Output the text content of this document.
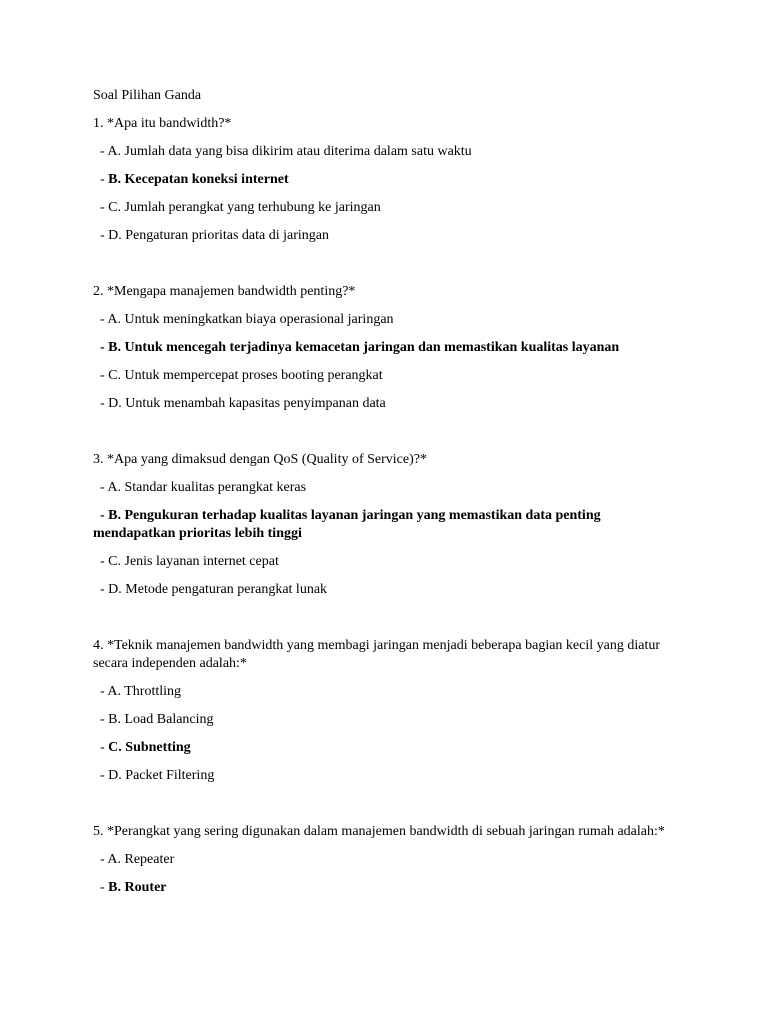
Soal Pilihan Ganda

1. *Apa itu bandwidth?*

- A. Jumlah data yang bisa dikirim atau diterima dalam satu waktu

- B. Kecepatan koneksi internet

- C. Jumlah perangkat yang terhubung ke jaringan

- D. Pengaturan prioritas data di jaringan

2. *Mengapa manajemen bandwidth penting?*

- A. Untuk meningkatkan biaya operasional jaringan

- B. Untuk mencegah terjadinya kemacetan jaringan dan memastikan kualitas layanan

- C. Untuk mempercepat proses booting perangkat

- D. Untuk menambah kapasitas penyimpanan data

3. *Apa yang dimaksud dengan QoS (Quality of Service)?*

- A. Standar kualitas perangkat keras

- B. Pengukuran terhadap kualitas layanan jaringan yang memastikan data penting mendapatkan prioritas lebih tinggi

- C. Jenis layanan internet cepat

- D. Metode pengaturan perangkat lunak

4. *Teknik manajemen bandwidth yang membagi jaringan menjadi beberapa bagian kecil yang diatur secara independen adalah:*

- A. Throttling

- B. Load Balancing

- C. Subnetting

- D. Packet Filtering

5. *Perangkat yang sering digunakan dalam manajemen bandwidth di sebuah jaringan rumah adalah:*

- A. Repeater

- B. Router
